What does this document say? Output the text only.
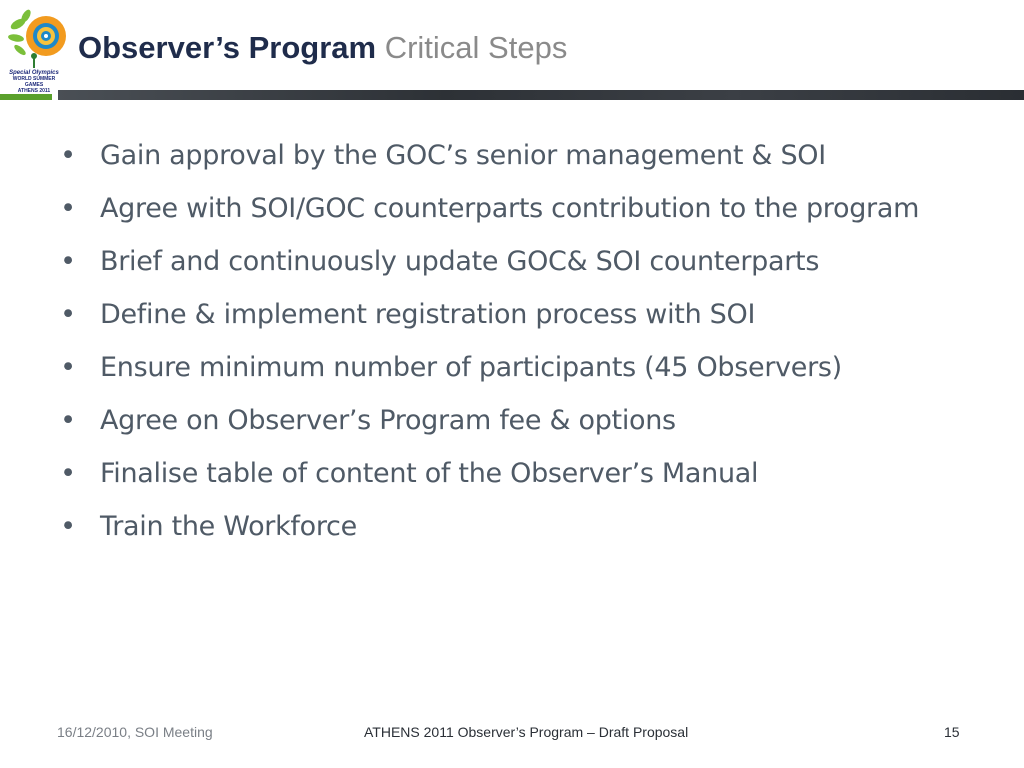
Special Olympics
WORLD SUMMER GAMES
ATHENS 2011
Observer’s Program Critical Steps
• Gain approval by the GOC’s senior management & SOI
• Agree with SOI/GOC counterparts contribution to the program
• Brief and continuously update GOC& SOI counterparts
• Define & implement registration process with SOI
• Ensure minimum number of participants (45 Observers)
• Agree on Observer’s Program fee & options
• Finalise table of content of the Observer’s Manual
• Train the Workforce
16/12/2010, SOI Meeting	ATHENS 2011 Observer’s Program – Draft Proposal	15
